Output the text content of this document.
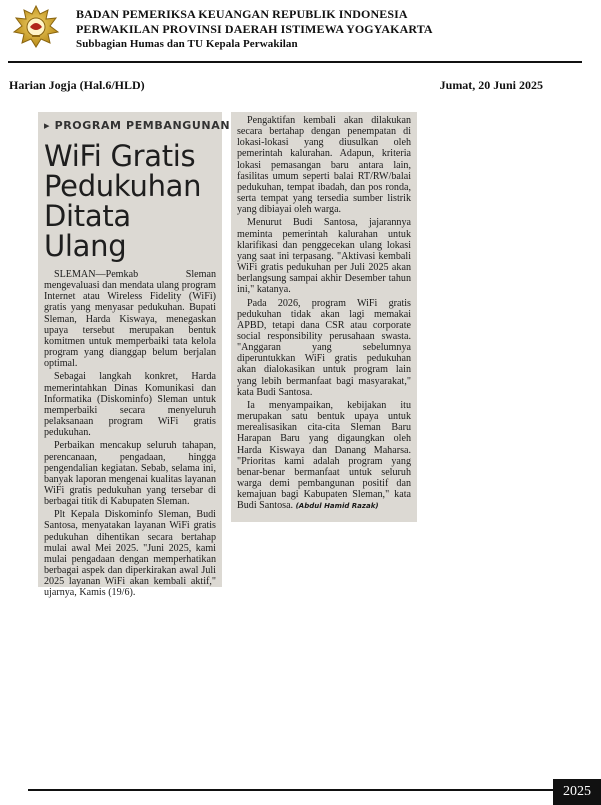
BADAN PEMERIKSA KEUANGAN REPUBLIK INDONESIA
PERWAKILAN PROVINSI DAERAH ISTIMEWA YOGYAKARTA
Subbagian Humas dan TU Kepala Perwakilan
Harian Jogja (Hal.6/HLD)	Jumat, 20 Juni 2025
▸ PROGRAM PEMBANGUNAN
WiFi Gratis Pedukuhan Ditata Ulang

SLEMAN—Pemkab Sleman mengevaluasi dan mendata ulang program Internet atau Wireless Fidelity (WiFi) gratis yang menyasar pedukuhan. Bupati Sleman, Harda Kiswaya, menegaskan upaya tersebut merupakan bentuk komitmen untuk memperbaiki tata kelola program yang dianggap belum berjalan optimal.

Sebagai langkah konkret, Harda memerintahkan Dinas Komunikasi dan Informatika (Diskominfo) Sleman untuk memperbaiki secara menyeluruh pelaksanaan program WiFi gratis pedukuhan.

Perbaikan mencakup seluruh tahapan, perencanaan, pengadaan, hingga pengendalian kegiatan. Sebab, selama ini, banyak laporan mengenai kualitas layanan WiFi gratis pedukuhan yang tersebar di berbagai titik di Kabupaten Sleman.

Plt Kepala Diskominfo Sleman, Budi Santosa, menyatakan layanan WiFi gratis pedukuhan dihentikan secara bertahap mulai awal Mei 2025. "Juni 2025, kami mulai pengadaan dengan memperhatikan berbagai aspek dan diperkirakan awal Juli 2025 layanan WiFi akan kembali aktif," ujarnya, Kamis (19/6).

Pengaktifan kembali akan dilakukan secara bertahap dengan penempatan di lokasi-lokasi yang diusulkan oleh pemerintah kalurahan. Adapun, kriteria lokasi pemasangan baru antara lain, fasilitas umum seperti balai RT/RW/balai pedukuhan, tempat ibadah, dan pos ronda, serta tempat yang tersedia sumber listrik yang dibiayai oleh warga.

Menurut Budi Santosa, jajarannya meminta pemerintah kalurahan untuk klarifikasi dan penggecekan ulang lokasi yang saat ini terpasang. "Aktivasi kembali WiFi gratis pedukuhan per Juli 2025 akan berlangsung sampai akhir Desember tahun ini," katanya.

Pada 2026, program WiFi gratis pedukuhan tidak akan lagi memakai APBD, tetapi dana CSR atau corporate social responsibility perusahaan swasta. "Anggaran yang sebelumnya diperuntukkan WiFi gratis pedukuhan akan dialokasikan untuk program lain yang lebih bermanfaat bagi masyarakat," kata Budi Santosa.

Ia menyampaikan, kebijakan itu merupakan satu bentuk upaya untuk merealisasikan cita-cita Sleman Baru Harapan Baru yang digaungkan oleh Harda Kiswaya dan Danang Maharsa. "Prioritas kami adalah program yang benar-benar bermanfaat untuk seluruh warga demi pembangunan positif dan kemajuan bagi Kabupaten Sleman," kata Budi Santosa. (Abdul Hamid Razak)

2025
